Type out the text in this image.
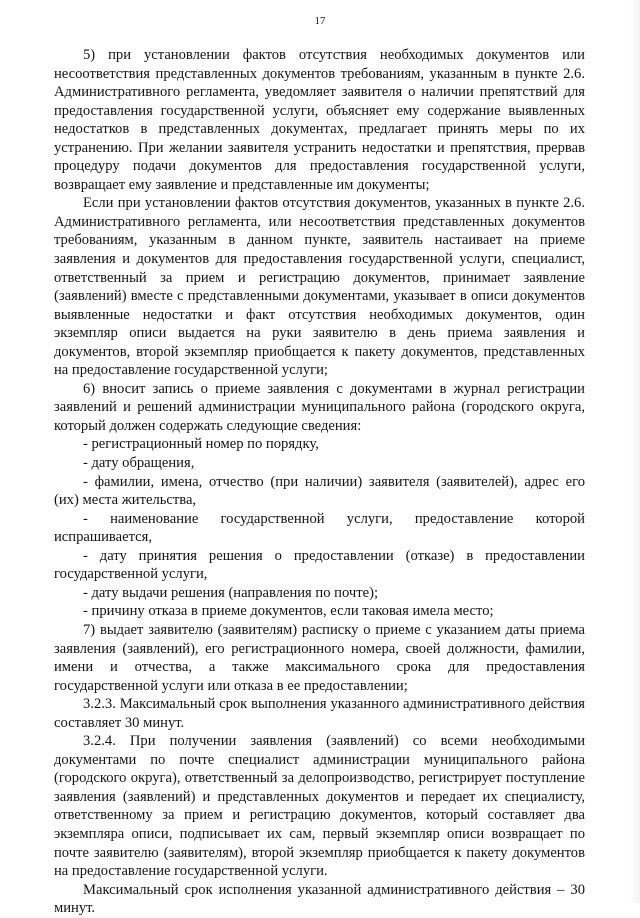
17

5) при установлении фактов отсутствия необходимых документов или несоответствия представленных документов требованиям, указанным в пункте 2.6. Административного регламента, уведомляет заявителя о наличии препятствий для предоставления государственной услуги, объясняет ему содержание выявленных недостатков в представленных документах, предлагает принять меры по их устранению. При желании заявителя устранить недостатки и препятствия, прервав процедуру подачи документов для предоставления государственной услуги, возвращает ему заявление и представленные им документы;

Если при установлении фактов отсутствия документов, указанных в пункте 2.6. Административного регламента, или несоответствия представленных документов требованиям, указанным в данном пункте, заявитель настаивает на приеме заявления и документов для предоставления государственной услуги, специалист, ответственный за прием и регистрацию документов, принимает заявление (заявлений) вместе с представленными документами, указывает в описи документов выявленные недостатки и факт отсутствия необходимых документов, один экземпляр описи выдается на руки заявителю в день приема заявления и документов, второй экземпляр приобщается к пакету документов, представленных на предоставление государственной услуги;

6) вносит запись о приеме заявления с документами в журнал регистрации заявлений и решений администрации муниципального района (городского округа, который должен содержать следующие сведения:

- регистрационный номер по порядку,

- дату обращения,

- фамилии, имена, отчество (при наличии) заявителя (заявителей), адрес его (их) места жительства,

- наименование государственной услуги, предоставление которой испрашивается,

- дату принятия решения о предоставлении (отказе) в предоставлении государственной услуги,

- дату выдачи решения (направления по почте);

- причину отказа в приеме документов, если таковая имела место;

7) выдает заявителю (заявителям) расписку о приеме с указанием даты приема заявления (заявлений), его регистрационного номера, своей должности, фамилии, имени и отчества, а также максимального срока для предоставления государственной услуги или отказа в ее предоставлении;

3.2.3. Максимальный срок выполнения указанного административного действия составляет 30 минут.

3.2.4. При получении заявления (заявлений) со всеми необходимыми документами по почте специалист администрации муниципального района (городского округа), ответственный за делопроизводство, регистрирует поступление заявления (заявлений) и представленных документов и передает их специалисту, ответственному за прием и регистрацию документов, который составляет два экземпляра описи, подписывает их сам, первый экземпляр описи возвращает по почте заявителю (заявителям), второй экземпляр приобщается к пакету документов на предоставление государственной услуги.

Максимальный срок исполнения указанной административного действия – 30 минут.
